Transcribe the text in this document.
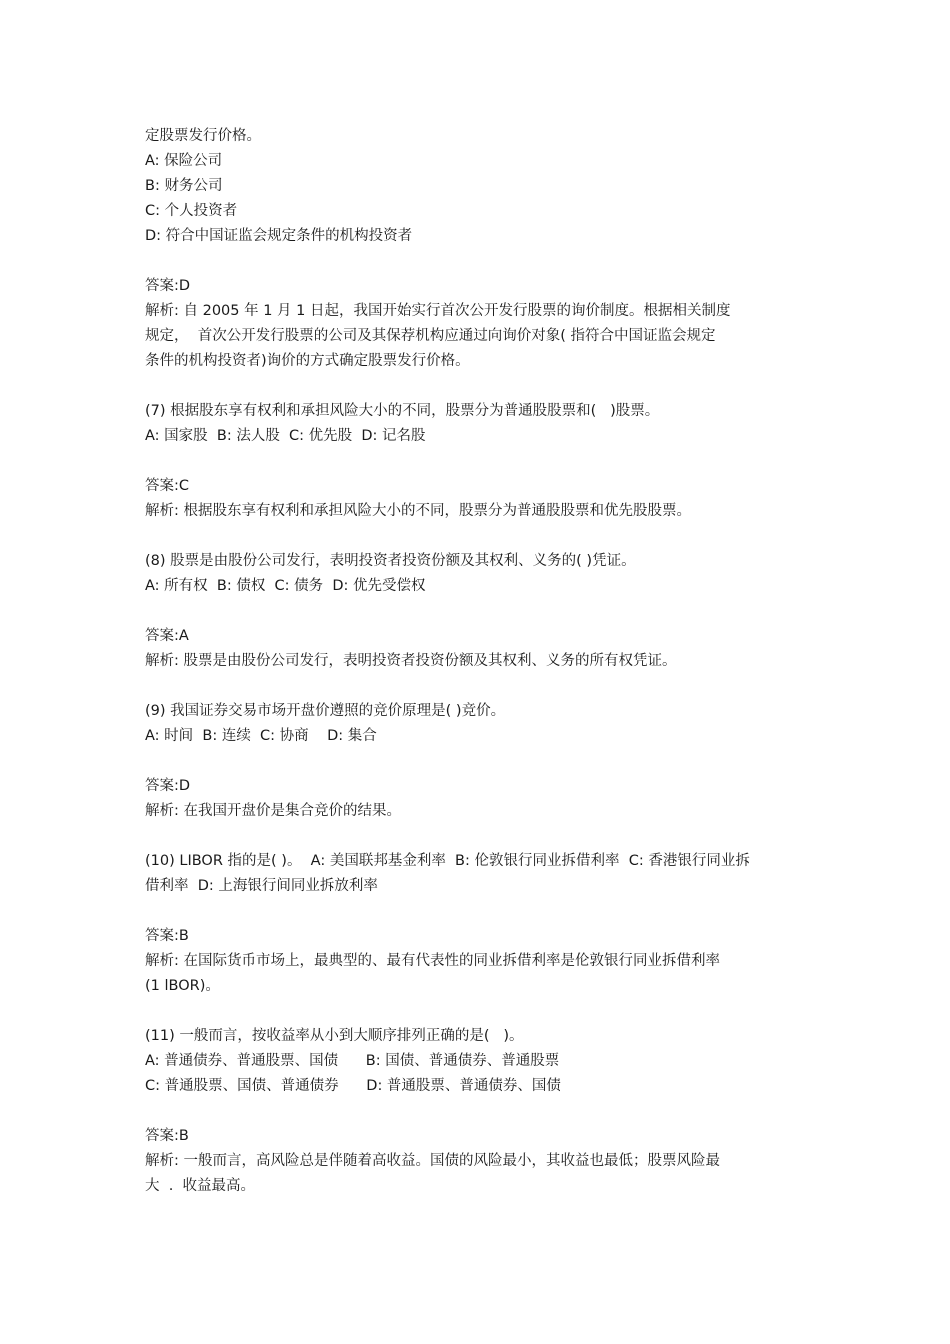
定股票发行价格。
A: 保险公司
B: 财务公司
C: 个人投资者
D: 符合中国证监会规定条件的机构投资者
答案:D
解析: 自 2005 年 1 月 1 日起，我国开始实行首次公开发行股票的询价制度。根据相关制度
规定，  首次公开发行股票的公司及其保荐机构应通过向询价对象( 指符合中国证监会规定
条件的机构投资者)询价的方式确定股票发行价格。
(7) 根据股东享有权利和承担风险大小的不同，股票分为普通股股票和(   )股票。
A: 国家股  B: 法人股  C: 优先股  D: 记名股
答案:C
解析: 根据股东享有权利和承担风险大小的不同，股票分为普通股股票和优先股股票。
(8) 股票是由股份公司发行，表明投资者投资份额及其权利、义务的( )凭证。
A: 所有权  B: 债权  C: 债务  D: 优先受偿权
答案:A
解析: 股票是由股份公司发行，表明投资者投资份额及其权利、义务的所有权凭证。
(9) 我国证券交易市场开盘价遵照的竞价原理是( )竞价。
A: 时间  B: 连续  C: 协商    D: 集合
答案:D
解析: 在我国开盘价是集合竞价的结果。
(10) LIBOR 指的是( )。  A: 美国联邦基金利率  B: 伦敦银行同业拆借利率  C: 香港银行同业拆
借利率  D: 上海银行间同业拆放利率
答案:B
解析: 在国际货币市场上，最典型的、最有代表性的同业拆借利率是伦敦银行同业拆借利率
(1 lBOR)。
(11) 一般而言，按收益率从小到大顺序排列正确的是(   )。
A: 普通债券、普通股票、国债      B: 国债、普通债券、普通股票
C: 普通股票、国债、普通债券      D: 普通股票、普通债券、国债
答案:B
解析: 一般而言，高风险总是伴随着高收益。国债的风险最小，其收益也最低；股票风险最
大  .  收益最高。
